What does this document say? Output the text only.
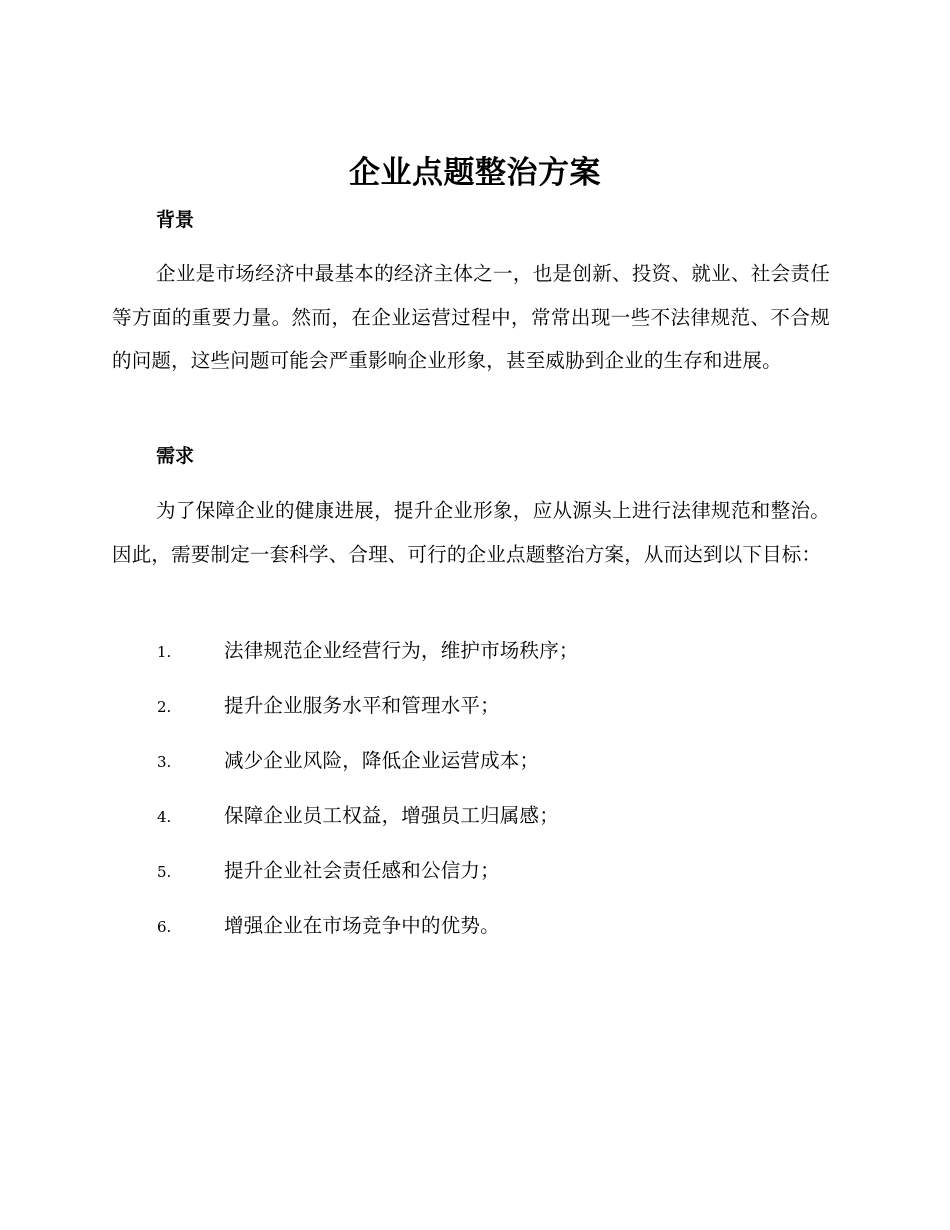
企业点题整治方案
背景

企业是市场经济中最基本的经济主体之一，也是创新、投资、就业、社会责任等方面的重要力量。然而，在企业运营过程中，常常出现一些不法律规范、不合规的问题，这些问题可能会严重影响企业形象，甚至威胁到企业的生存和进展。

需求

为了保障企业的健康进展，提升企业形象，应从源头上进行法律规范和整治。因此，需要制定一套科学、合理、可行的企业点题整治方案，从而达到以下目标：

1.	法律规范企业经营行为，维护市场秩序；
2.	提升企业服务水平和管理水平；
3.	减少企业风险，降低企业运营成本；
4.	保障企业员工权益，增强员工归属感；
5.	提升企业社会责任感和公信力；
6.	增强企业在市场竞争中的优势。
